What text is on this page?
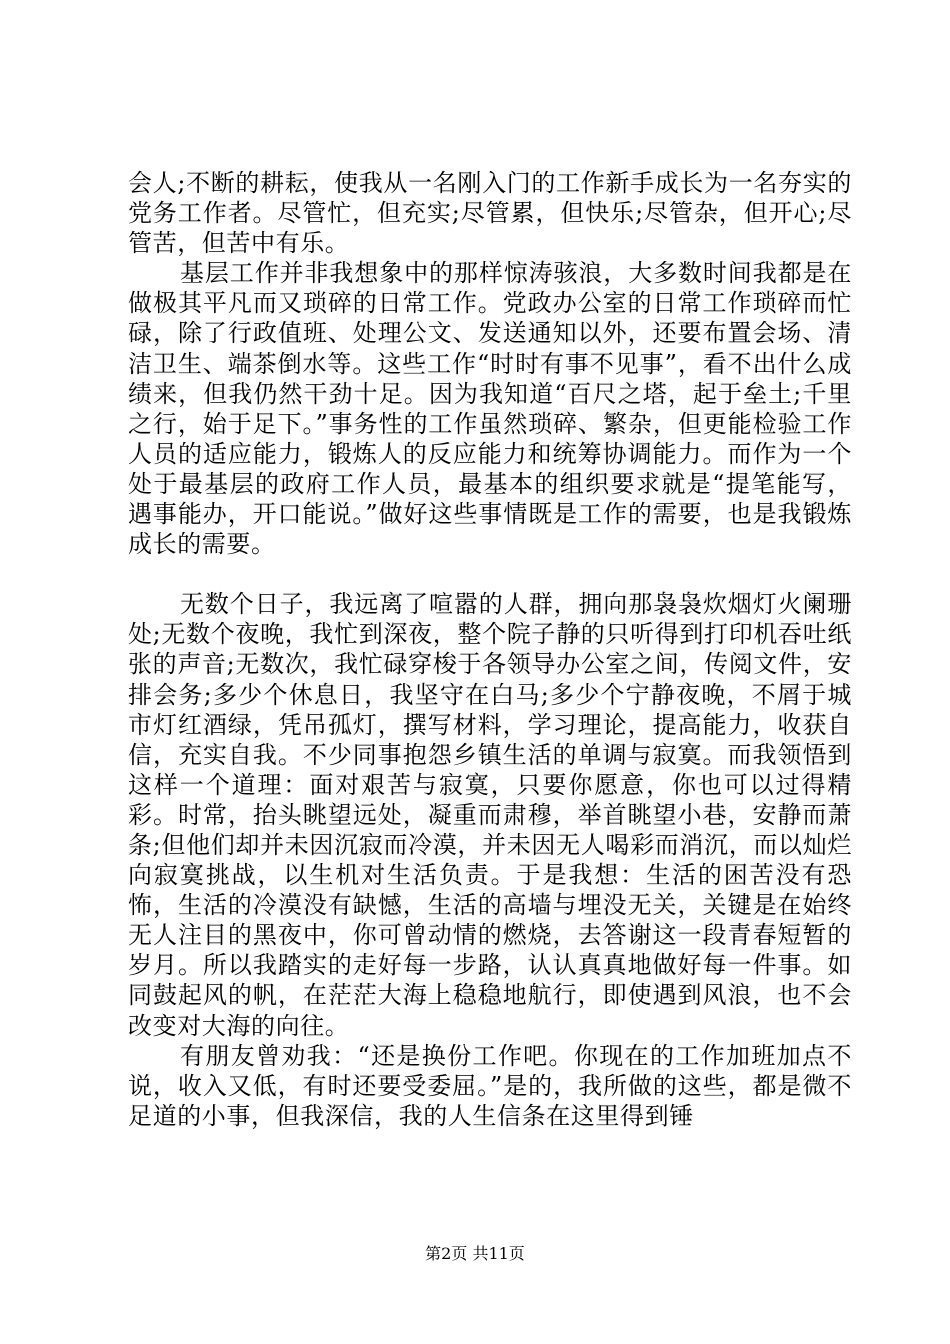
会人;不断的耕耘，使我从一名刚入门的工作新手成长为一名夯实的党务工作者。尽管忙，但充实;尽管累，但快乐;尽管杂，但开心;尽管苦，但苦中有乐。

基层工作并非我想象中的那样惊涛骇浪，大多数时间我都是在做极其平凡而又琐碎的日常工作。党政办公室的日常工作琐碎而忙碌，除了行政值班、处理公文、发送通知以外，还要布置会场、清洁卫生、端茶倒水等。这些工作“时时有事不见事”，看不出什么成绩来，但我仍然干劲十足。因为我知道“百尺之塔，起于垒土;千里之行，始于足下。”事务性的工作虽然琐碎、繁杂，但更能检验工作人员的适应能力，锻炼人的反应能力和统筹协调能力。而作为一个处于最基层的政府工作人员，最基本的组织要求就是“提笔能写，遇事能办，开口能说。”做好这些事情既是工作的需要，也是我锻炼成长的需要。

无数个日子，我远离了喧嚣的人群，拥向那袅袅炊烟灯火阑珊处;无数个夜晚，我忙到深夜，整个院子静的只听得到打印机吞吐纸张的声音;无数次，我忙碌穿梭于各领导办公室之间，传阅文件，安排会务;多少个休息日，我坚守在白马;多少个宁静夜晚，不屑于城市灯红酒绿，凭吊孤灯，撰写材料，学习理论，提高能力，收获自信，充实自我。不少同事抱怨乡镇生活的单调与寂寞。而我领悟到这样一个道理：面对艰苦与寂寞，只要你愿意，你也可以过得精彩。时常，抬头眺望远处，凝重而肃穆，举首眺望小巷，安静而萧条;但他们却并未因沉寂而冷漠，并未因无人喝彩而消沉，而以灿烂向寂寞挑战，以生机对生活负责。于是我想：生活的困苦没有恐怖，生活的冷漠没有缺憾，生活的高墙与埋没无关，关键是在始终无人注目的黑夜中，你可曾动情的燃烧，去答谢这一段青春短暂的岁月。所以我踏实的走好每一步路，认认真真地做好每一件事。如同鼓起风的帆，在茫茫大海上稳稳地航行，即使遇到风浪，也不会改变对大海的向往。

有朋友曾劝我：“还是换份工作吧。你现在的工作加班加点不说，收入又低，有时还要受委屈。”是的，我所做的这些，都是微不足道的小事，但我深信，我的人生信条在这里得到锤

第2页 共11页
